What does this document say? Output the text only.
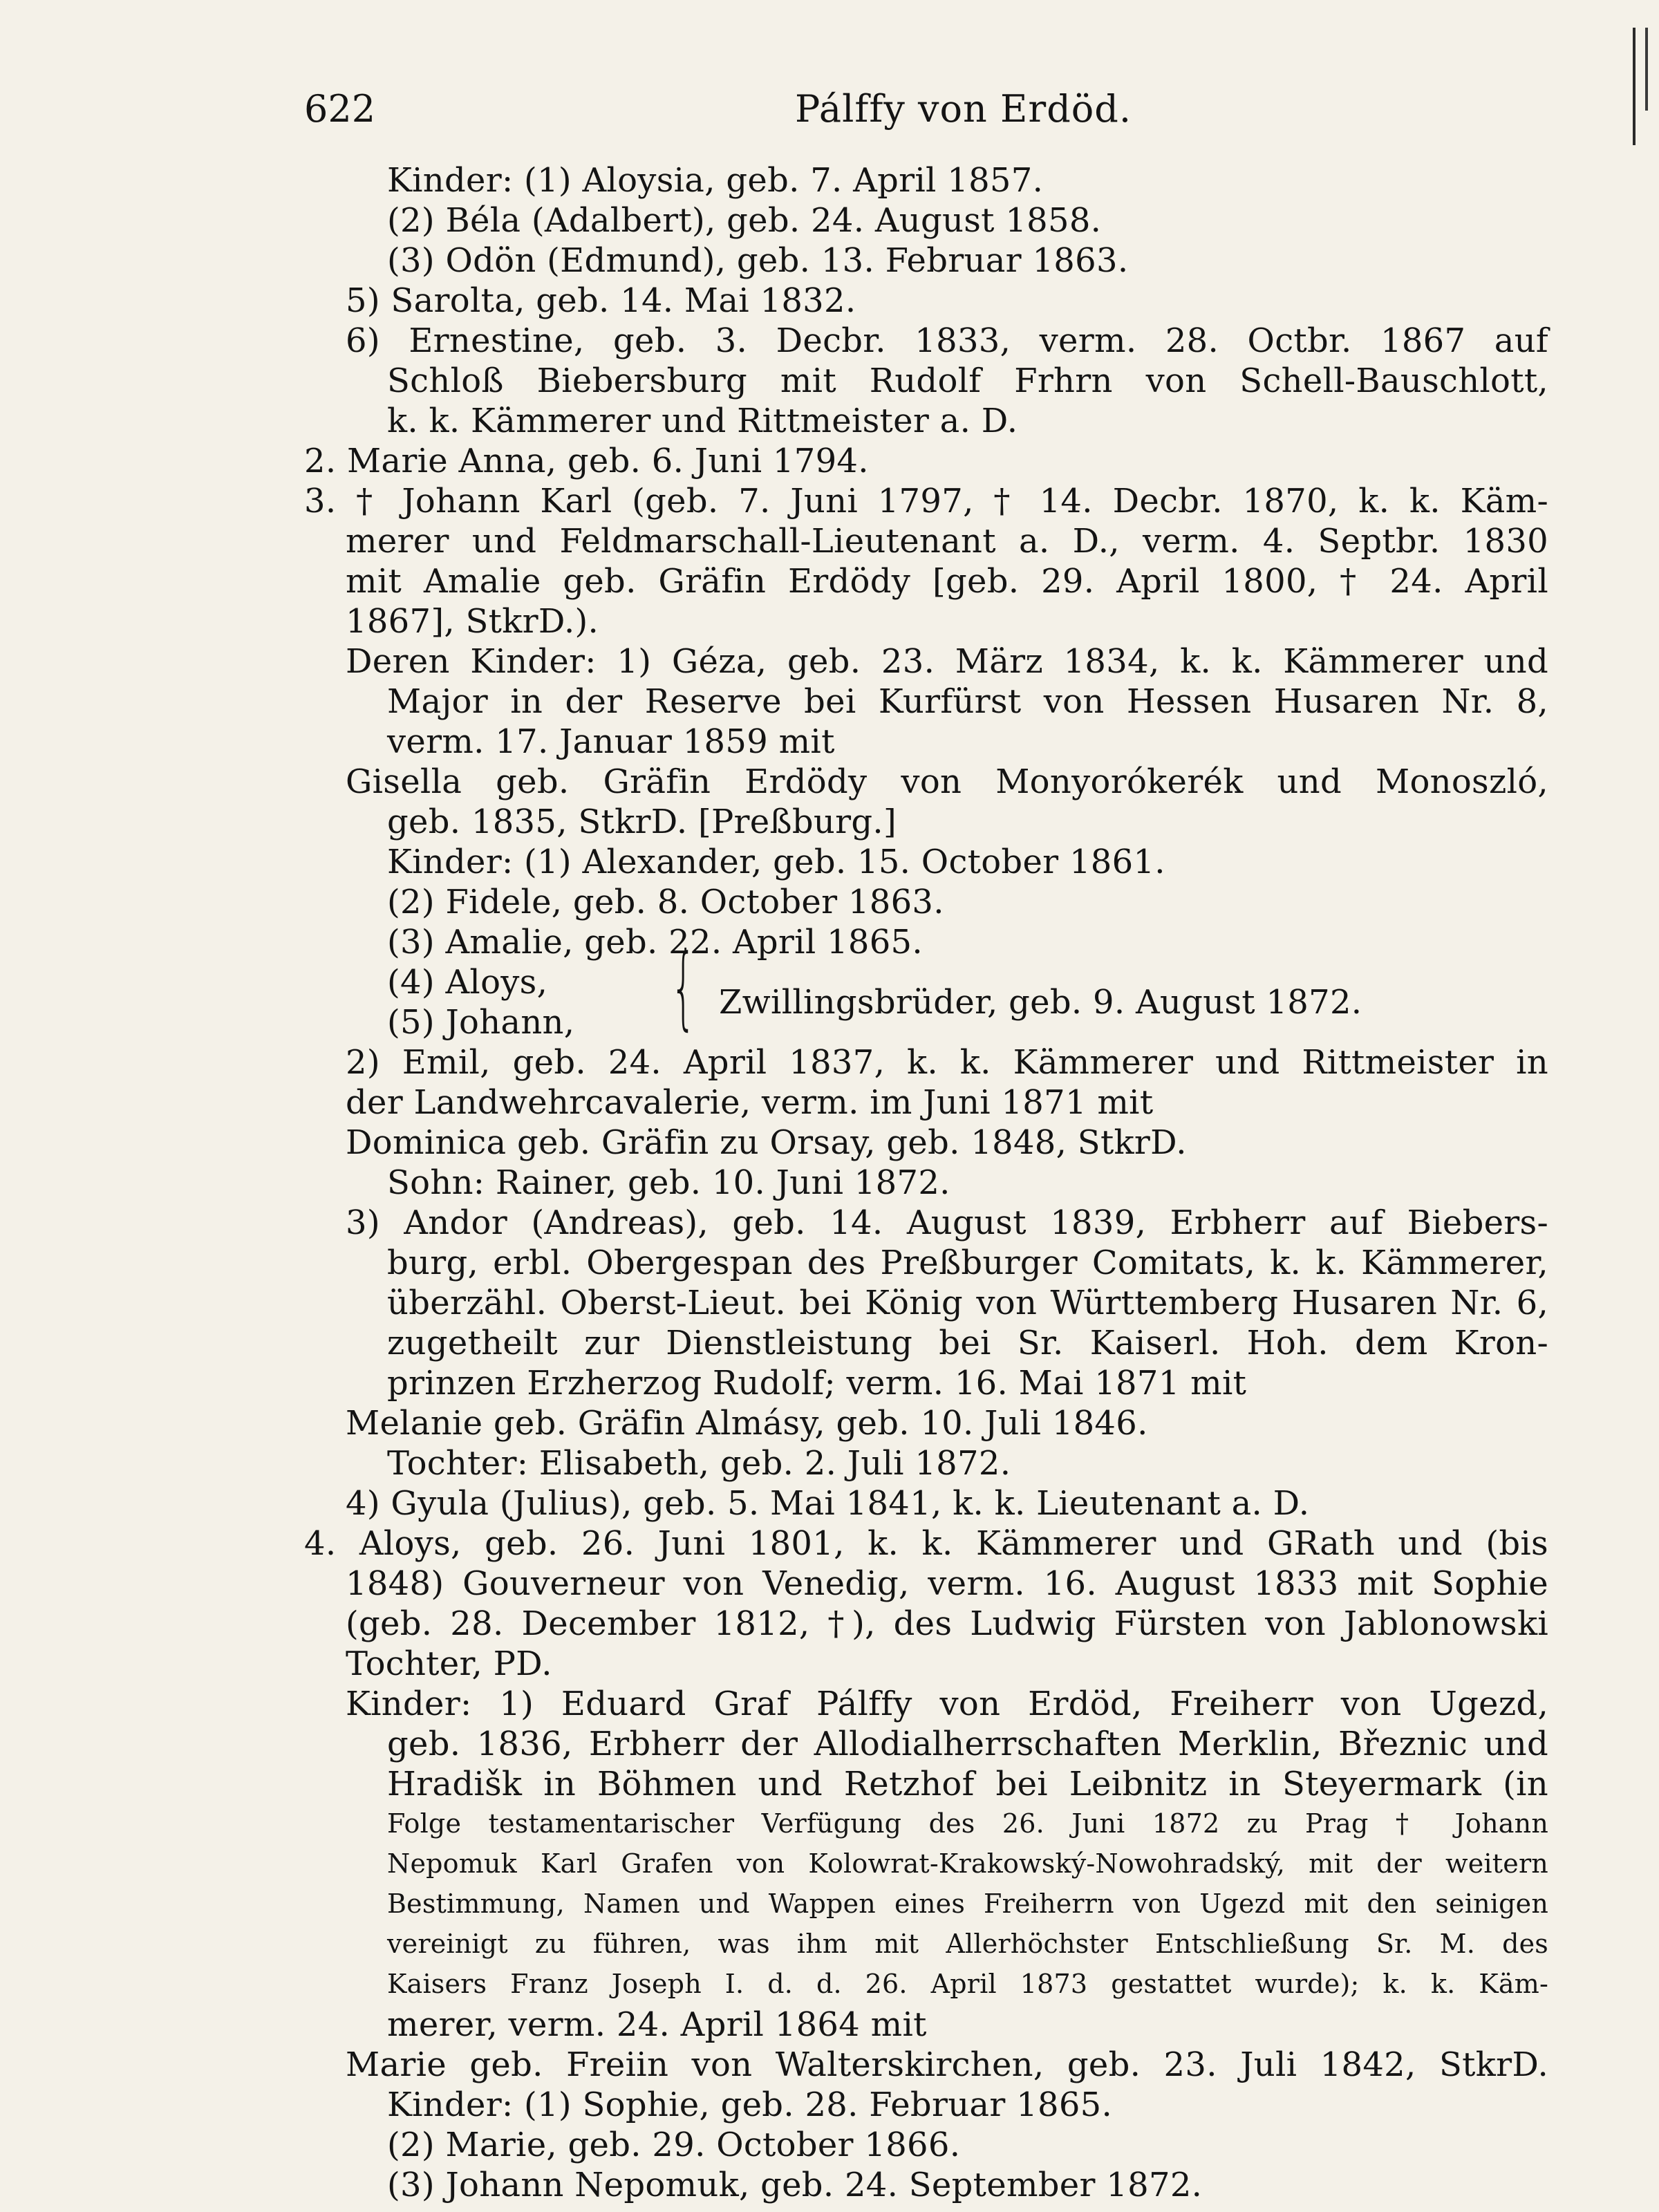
622	Pálffy von Erdöd.
{
Kinder: (1) Aloysia, geb. 7. April 1857.
(2) Béla (Adalbert), geb. 24. August 1858.
(3) Odön (Edmund), geb. 13. Februar 1863.
5) Sarolta, geb. 14. Mai 1832.
6) Ernestine, geb. 3. Decbr. 1833, verm. 28. Octbr. 1867 auf
Schloß Biebersburg mit Rudolf Frhrn von Schell-Bauschlott,
k. k. Kämmerer und Rittmeister a. D.
2. Marie Anna, geb. 6. Juni 1794.
3. † Johann Karl (geb. 7. Juni 1797, † 14. Decbr. 1870, k. k. Käm-
merer und Feldmarschall-Lieutenant a. D., verm. 4. Septbr. 1830
mit Amalie geb. Gräfin Erdödy [geb. 29. April 1800, † 24. April
1867], StkrD.).
Deren Kinder: 1) Géza, geb. 23. März 1834, k. k. Kämmerer und
Major in der Reserve bei Kurfürst von Hessen Husaren Nr. 8,
verm. 17. Januar 1859 mit
Gisella geb. Gräfin Erdödy von Monyorókerék und Monoszló,
geb. 1835, StkrD. [Preßburg.]
Kinder: (1) Alexander, geb. 15. October 1861.
(2) Fidele, geb. 8. October 1863.
(3) Amalie, geb. 22. April 1865.
(4) Aloys,
Zwillingsbrüder, geb. 9. August 1872.
(5) Johann,
2) Emil, geb. 24. April 1837, k. k. Kämmerer und Rittmeister in
der Landwehrcavalerie, verm. im Juni 1871 mit
Dominica geb. Gräfin zu Orsay, geb. 1848, StkrD.
Sohn: Rainer, geb. 10. Juni 1872.
3) Andor (Andreas), geb. 14. August 1839, Erbherr auf Biebers-
burg, erbl. Obergespan des Preßburger Comitats, k. k. Kämmerer,
überzähl. Oberst-Lieut. bei König von Württemberg Husaren Nr. 6,
zugetheilt zur Dienstleistung bei Sr. Kaiserl. Hoh. dem Kron-
prinzen Erzherzog Rudolf; verm. 16. Mai 1871 mit
Melanie geb. Gräfin Almásy, geb. 10. Juli 1846.
Tochter: Elisabeth, geb. 2. Juli 1872.
4) Gyula (Julius), geb. 5. Mai 1841, k. k. Lieutenant a. D.
4. Aloys, geb. 26. Juni 1801, k. k. Kämmerer und GRath und (bis
1848) Gouverneur von Venedig, verm. 16. August 1833 mit Sophie
(geb. 28. December 1812, †), des Ludwig Fürsten von Jablonowski
Tochter, PD.
Kinder: 1) Eduard Graf Pálffy von Erdöd, Freiherr von Ugezd,
geb. 1836, Erbherr der Allodialherrschaften Merklin, Březnic und
Hradišk in Böhmen und Retzhof bei Leibnitz in Steyermark (in
Folge testamentarischer Verfügung des 26. Juni 1872 zu Prag † Johann
Nepomuk Karl Grafen von Kolowrat-Krakowský-Nowohradský, mit der weitern
Bestimmung, Namen und Wappen eines Freiherrn von Ugezd mit den seinigen
vereinigt zu führen, was ihm mit Allerhöchster Entschließung Sr. M. des
Kaisers Franz Joseph I. d. d. 26. April 1873 gestattet wurde); k. k. Käm-
merer, verm. 24. April 1864 mit
Marie geb. Freiin von Walterskirchen, geb. 23. Juli 1842, StkrD.
Kinder: (1) Sophie, geb. 28. Februar 1865.
(2) Marie, geb. 29. October 1866.
(3) Johann Nepomuk, geb. 24. September 1872.
